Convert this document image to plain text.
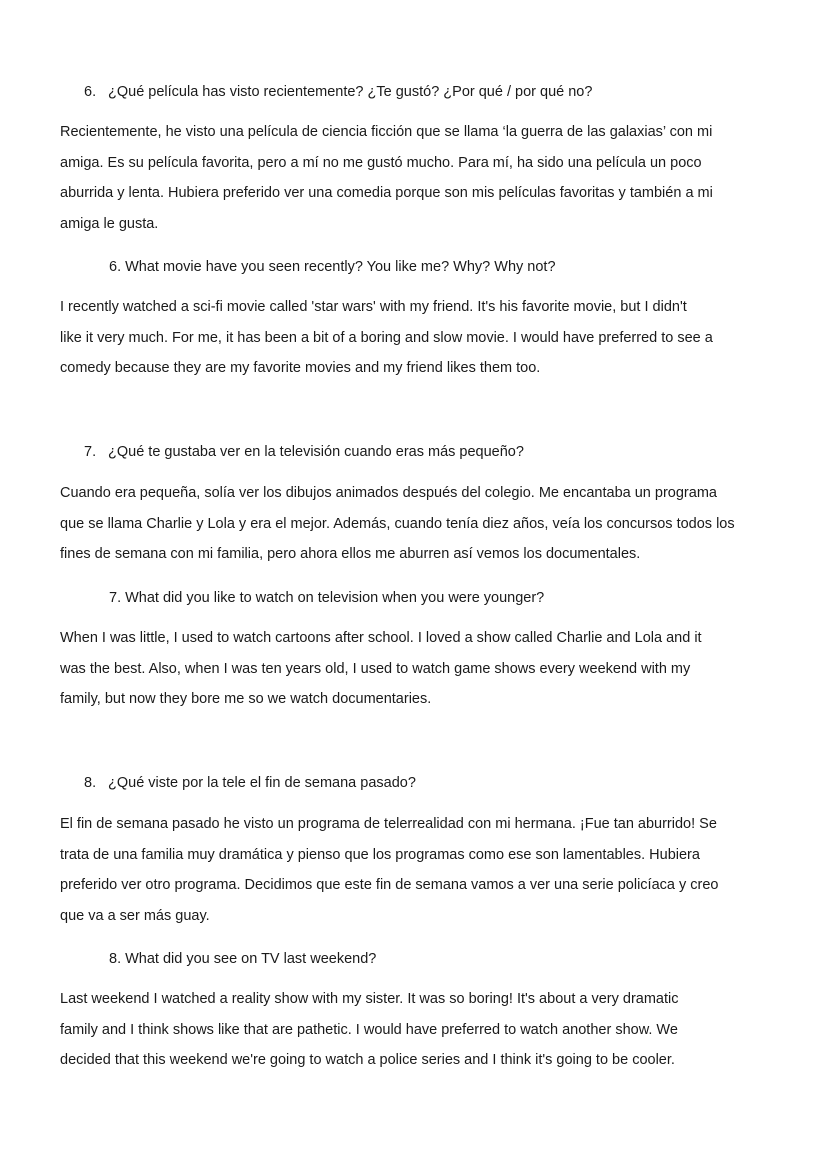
6. ¿Qué película has visto recientemente? ¿Te gustó? ¿Por qué / por qué no?

Recientemente, he visto una película de ciencia ficción que se llama ‘la guerra de las galaxias’ con mi
amiga. Es su película favorita, pero a mí no me gustó mucho. Para mí, ha sido una película un poco
aburrida y lenta. Hubiera preferido ver una comedia porque son mis películas favoritas y también a mi
amiga le gusta.

6. What movie have you seen recently? You like me? Why? Why not?

I recently watched a sci-fi movie called 'star wars' with my friend. It's his favorite movie, but I didn't
like it very much. For me, it has been a bit of a boring and slow movie. I would have preferred to see a
comedy because they are my favorite movies and my friend likes them too.

7. ¿Qué te gustaba ver en la televisión cuando eras más pequeño?

Cuando era pequeña, solía ver los dibujos animados después del colegio. Me encantaba un programa
que se llama Charlie y Lola y era el mejor. Además, cuando tenía diez años, veía los concursos todos los
fines de semana con mi familia, pero ahora ellos me aburren así vemos los documentales.

7. What did you like to watch on television when you were younger?

When I was little, I used to watch cartoons after school. I loved a show called Charlie and Lola and it
was the best. Also, when I was ten years old, I used to watch game shows every weekend with my
family, but now they bore me so we watch documentaries.

8. ¿Qué viste por la tele el fin de semana pasado?

El fin de semana pasado he visto un programa de telerrealidad con mi hermana. ¡Fue tan aburrido! Se
trata de una familia muy dramática y pienso que los programas como ese son lamentables. Hubiera
preferido ver otro programa. Decidimos que este fin de semana vamos a ver una serie policíaca y creo
que va a ser más guay.

8. What did you see on TV last weekend?

Last weekend I watched a reality show with my sister. It was so boring! It's about a very dramatic
family and I think shows like that are pathetic. I would have preferred to watch another show. We
decided that this weekend we're going to watch a police series and I think it's going to be cooler.
